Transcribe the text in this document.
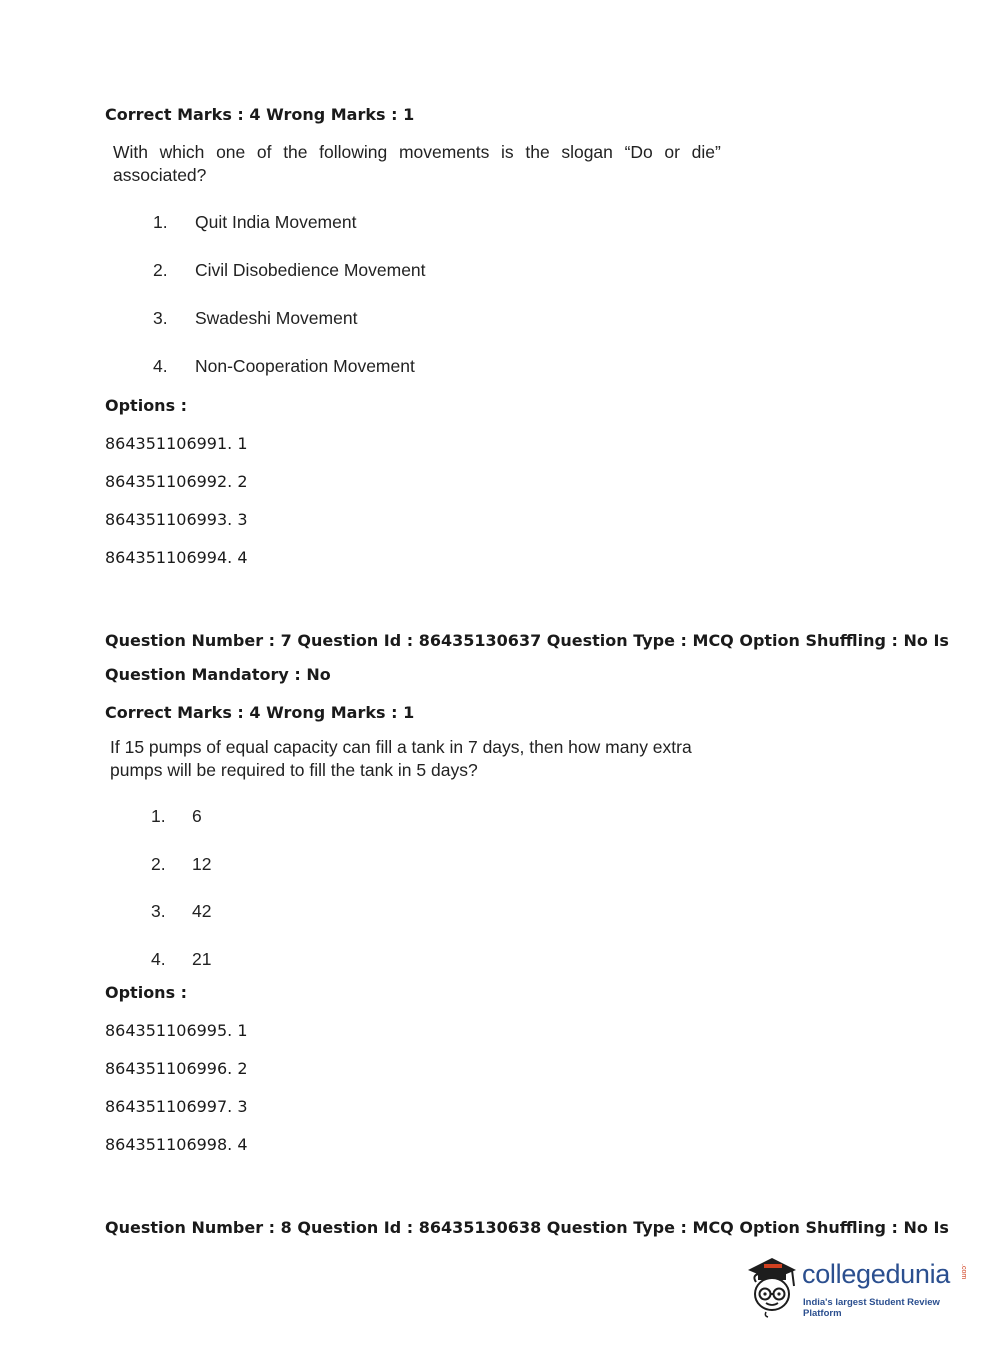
Correct Marks : 4 Wrong Marks : 1
With which one of the following movements is the slogan “Do or die”
associated?
1. Quit India Movement
2. Civil Disobedience Movement
3. Swadeshi Movement
4. Non-Cooperation Movement
Options :
864351106991. 1
864351106992. 2
864351106993. 3
864351106994. 4
Question Number : 7 Question Id : 86435130637 Question Type : MCQ Option Shuffling : No Is
Question Mandatory : No
Correct Marks : 4 Wrong Marks : 1
If 15 pumps of equal capacity can fill a tank in 7 days, then how many extra
pumps will be required to fill the tank in 5 days?
1. 6
2. 12
3. 42
4. 21
Options :
864351106995. 1
864351106996. 2
864351106997. 3
864351106998. 4
Question Number : 8 Question Id : 86435130638 Question Type : MCQ Option Shuffling : No Is
collegedunia .com
India's largest Student Review Platform
